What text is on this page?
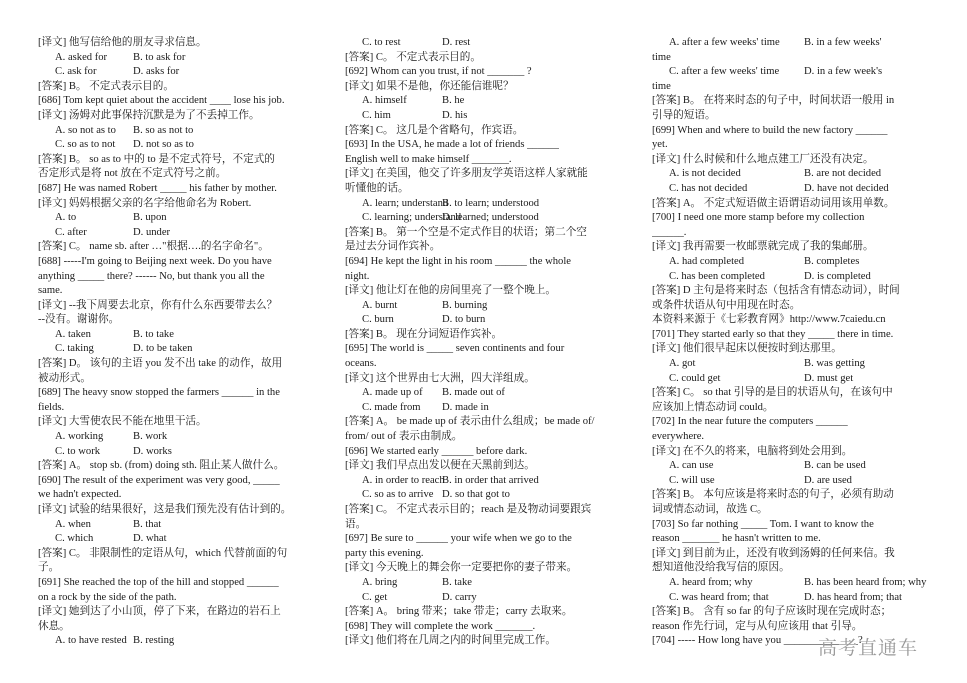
[译文] 他写信给他的朋友寻求信息。
A. asked for B. to ask for
C. ask for	D. asks for
[答案] B。 不定式表示目的。
[686] Tom kept quiet about the accident ____ lose his job.
[译文] 汤姆对此事保持沉默是为了不丢掉工作。
A. so not as to B. so as not to
C. so as to not D. not so as to
[答案] B。 so as to 中的 to 是不定式符号，不定式的
否定形式是将 not 放在不定式符号之前。
[687] He was named Robert _____ his father by mother.
[译文] 妈妈根据父亲的名字给他命名为 Robert.
A. to	B. upon
C. after	D. under
[答案] C。 name sb. after …"根据….的名字命名"。
[688] -----I'm going to Beijing next week. Do you have
anything _____ there? ------ No, but thank you all the
same.
[译文] --我下周要去北京，你有什么东西要带去么？
--没有。谢谢你。
A. taken	B. to take
C. taking	D. to be taken
[答案] D。 该句的主语 you 发不出 take 的动作，故用
被动形式。
[689] The heavy snow stopped the farmers ______ in the
fields.
[译文] 大雪使农民不能在地里干活。
A. working	B. work
C. to work	D. works
[答案] A。 stop sb. (from) doing sth. 阻止某人做什么。
[690] The result of the experiment was very good, _____
we hadn't expected.
[译文] 试验的结果很好，这是我们预先没有估计到的。
A. when	B. that
C. which	D. what
[答案] C。 非限制性的定语从句，which 代替前面的句
子。
[691] She reached the top of the hill and stopped ______
on a rock by the side of the path.
[译文] 她到达了小山顶，停了下来，在路边的岩石上
休息。
A. to have rested B. resting
C. to rest	D. rest
[答案] C。 不定式表示目的。
[692] Whom can you trust, if not _______ ?
[译文] 如果不是他，你还能信谁呢？
A. himself	B. he
C. him	D. his
[答案] C。 这几是个省略句，作宾语。
[693] In the USA, he made a lot of friends ______
English well to make himself _______.
[译文] 在美国，他交了许多朋友学英语这样人家就能
听懂他的话。
A. learn; understandB. to learn; understood
C. learning; understandD. learned; understood
[答案] B。 第一个空是不定式作目的状语；第二个空
是过去分词作宾补。
[694] He kept the light in his room ______ the whole
night.
[译文] 他让灯在他的房间里亮了一整个晚上。
A. burnt	B. burning
C. burn	D. to burn
[答案] B。 现在分词短语作宾补。
[695] The world is _____ seven continents and four
oceans.
[译文] 这个世界由七大洲，四大洋组成。
A. made up of B. made out of
C. made from D. made in
[答案] A。 be made up of 表示由什么组成；be made of/
from/ out of 表示由制成。
[696] We started early ______ before dark.
[译文] 我们早点出发以便在天黑前到达。
A. in order to reachB. in order that arrived
C. so as to arrive D. so that got to
[答案] C。 不定式表示目的；reach 是及物动词要跟宾
语。
[697] Be sure to ______ your wife when we go to the
party this evening.
[译文] 今天晚上的舞会你一定要把你的妻子带来。
A. bring	B. take
C. get	D. carry
[答案] A。 bring 带来；take 带走；carry 去取来。
[698] They will complete the work _______.
[译文] 他们将在几周之内的时间里完成工作。
A. after a few weeks' time B. in a few weeks'
time
C. after a few weeks' time D. in a few week's
time
[答案] B。 在将来时态的句子中，时间状语一般用 in
引导的短语。
[699] When and where to build the new factory ______
yet.
[译文] 什么时候和什么地点建工厂还没有决定。
A. is not decided	B. are not decided
C. has not decided	D. have not decided
[答案] A。 不定式短语做主语谓语动词用该用单数。
[700] I need one more stamp before my collection
______.
[译文] 我再需要一枚邮票就完成了我的集邮册。
A. had completed	B. completes
C. has been completed	D. is completed
[答案] D 主句是将来时态（包括含有情态动词），时间
或条件状语从句中用现在时态。
本资料来源于《七彩教育网》http://www.7caiedu.cn
[701] They started early so that they _____ there in time.
[译文] 他们很早起床以便按时到达那里。
A. got	B. was getting
C. could get	D. must get
[答案] C。 so that 引导的是目的状语从句，在该句中
应该加上情态动词 could。
[702] In the near future the computers ______
everywhere.
[译文] 在不久的将来，电脑将到处会用到。
A. can use	B. can be used
C. will use	D. are used
[答案] B。 本句应该是将来时态的句子，必须有助动
词或情态动词，故选 C。
[703] So far nothing _____ Tom. I want to know the
reason _______ he hasn't written to me.
[译文] 到目前为止，还没有收到汤姆的任何来信。我
想知道他没给我写信的原因。
A. heard from; why	B. has been heard from; why
C. was heard from; that	D. has heard from; that
[答案] B。 含有 so far 的句子应该时现在完成时态；
reason 作先行词，定与从句应该用 that 引导。
[704] ----- How long have you ______________?
高考直通车
